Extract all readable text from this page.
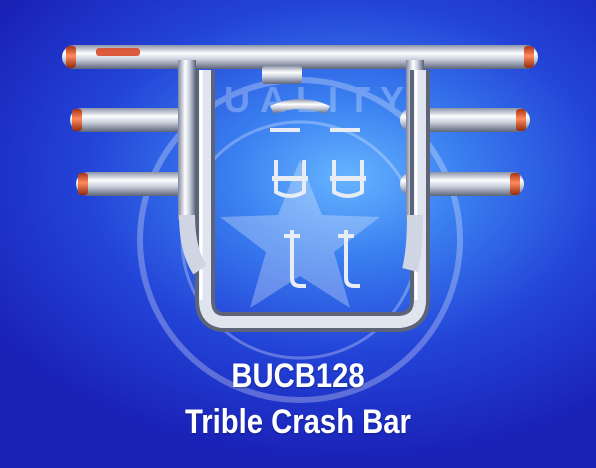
BUCB128
Trible Crash Bar
